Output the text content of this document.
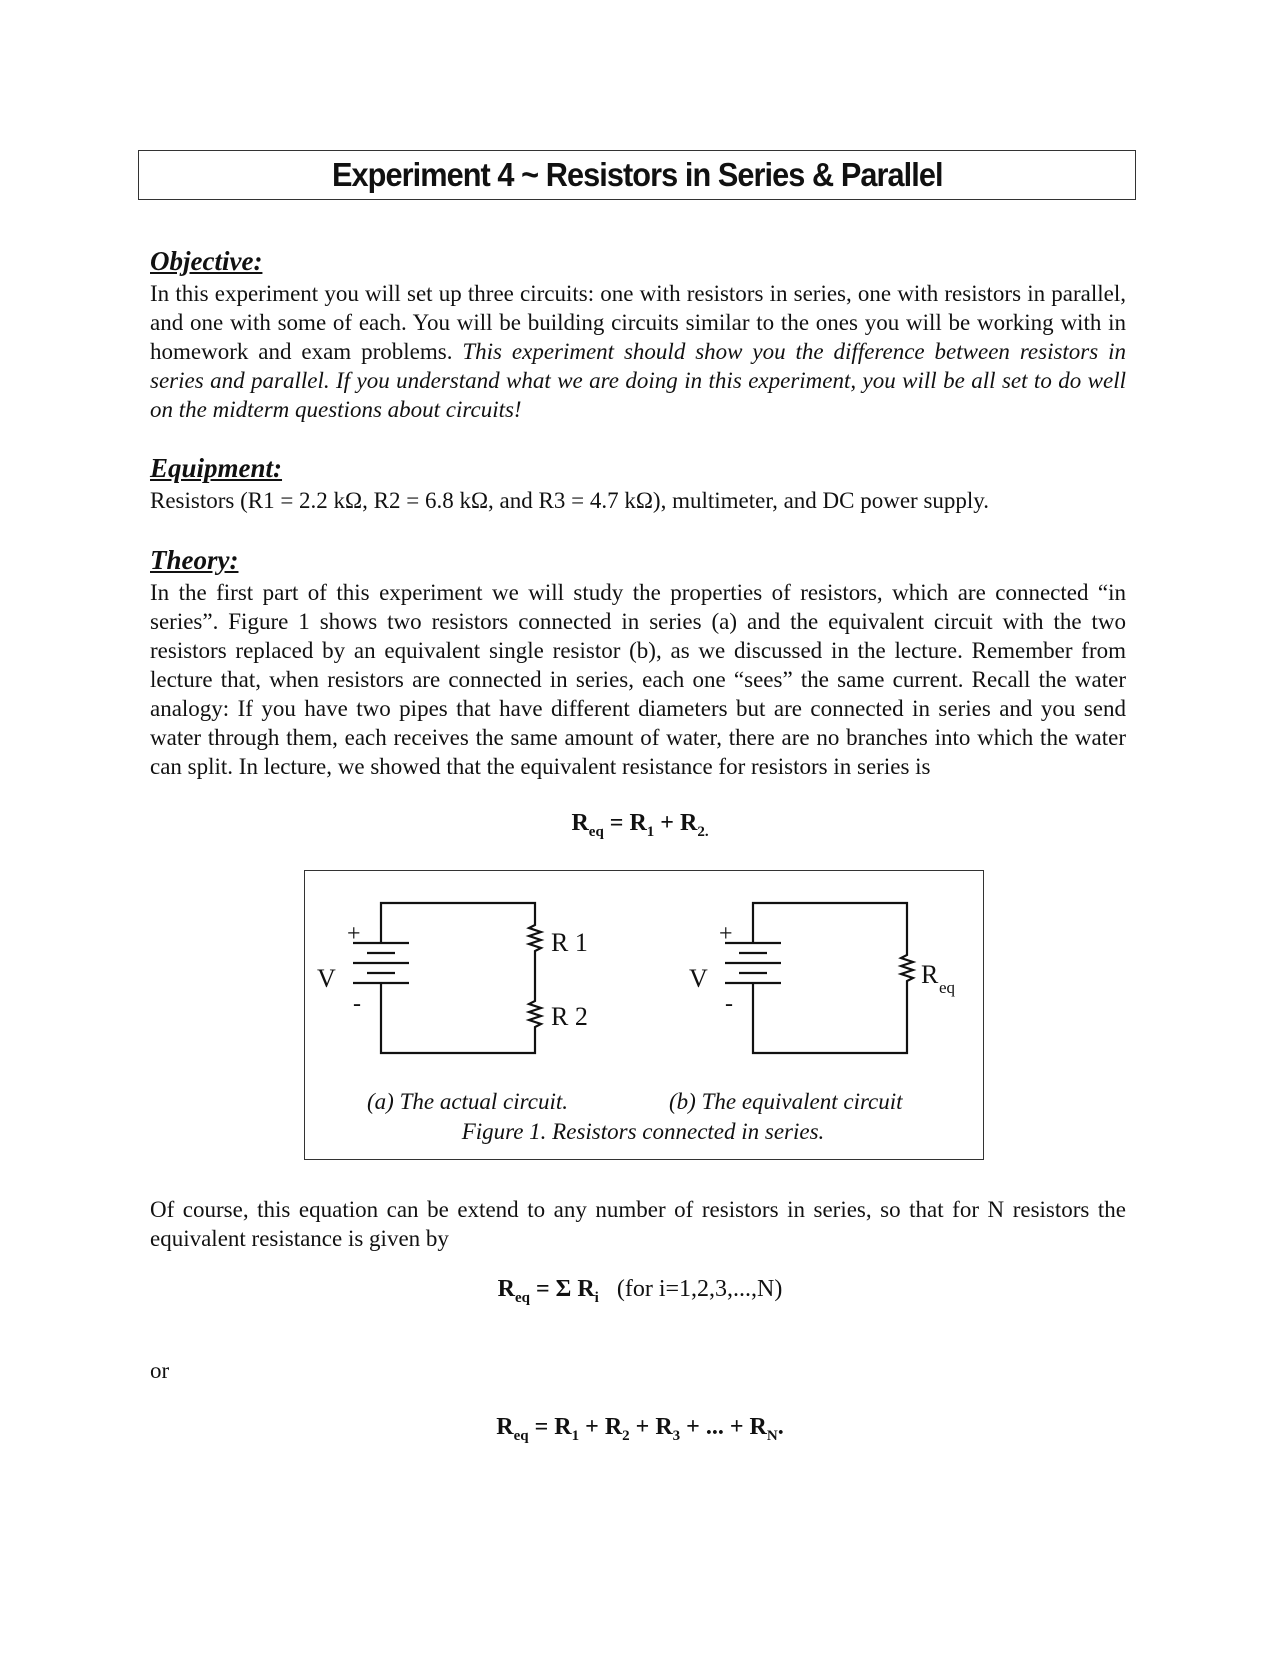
Experiment 4 ~ Resistors in Series & Parallel
Objective:

In this experiment you will set up three circuits: one with resistors in series, one with resistors in parallel, and one with some of each. You will be building circuits similar to the ones you will be working with in homework and exam problems. This experiment should show you the difference between resistors in series and parallel. If you understand what we are doing in this experiment, you will be all set to do well on the midterm questions about circuits!

Equipment:

Resistors (R1 = 2.2 kΩ, R2 = 6.8 kΩ, and R3 = 4.7 kΩ), multimeter, and DC power supply.

Theory:

In the first part of this experiment we will study the properties of resistors, which are connected “in series”. Figure 1 shows two resistors connected in series (a) and the equivalent circuit with the two resistors replaced by an equivalent single resistor (b), as we discussed in the lecture. Remember from lecture that, when resistors are connected in series, each one “sees” the same current. Recall the water analogy: If you have two pipes that have different diameters but are connected in series and you send water through them, each receives the same amount of water, there are no branches into which the water can split. In lecture, we showed that the equivalent resistance for resistors in series is

$R_{eq} = R_1 + R_{2.}$
+
-
V
R 1
R 2
+
-
V	R eq
(a) The actual circuit.	(b) The equivalent circuit
Figure 1. Resistors connected in series.

Of course, this equation can be extend to any number of resistors in series, so that for N resistors the equivalent resistance is given by

$R_{eq} = \Sigma$ $R_i$ (for i=1,2,3,...,N)

or

$R_{eq} = R_1 + R_2 + R_3$ + ... + $R_N$.
